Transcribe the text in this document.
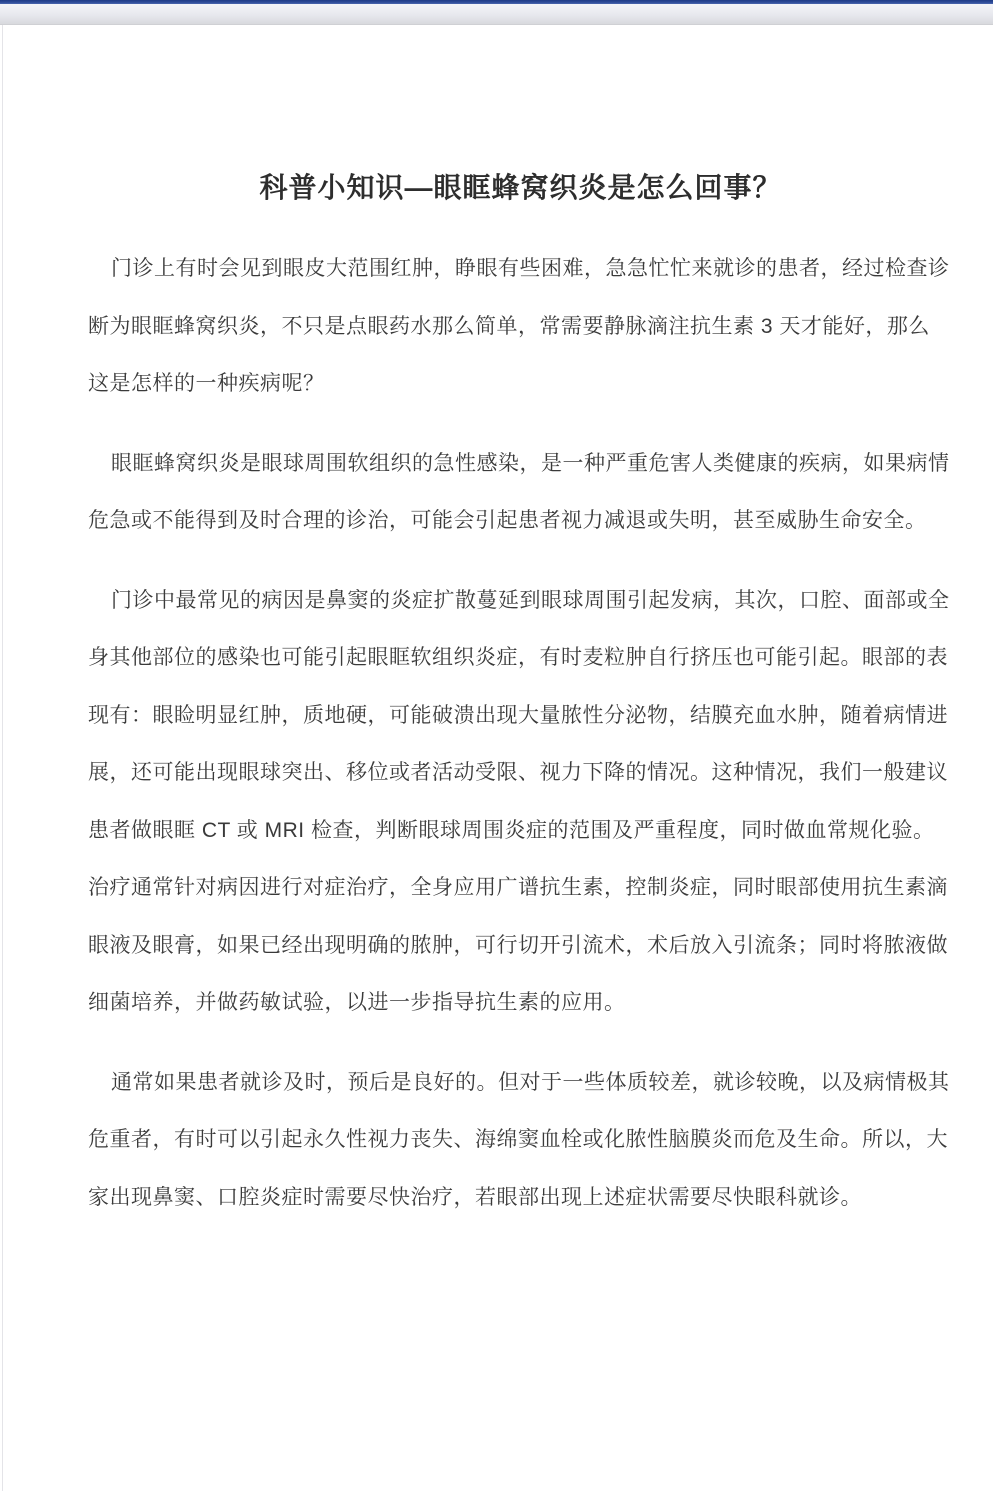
科普小知识—眼眶蜂窝织炎是怎么回事？
门诊上有时会见到眼皮大范围红肿，睁眼有些困难，急急忙忙来就诊的患者，经过检查诊
断为眼眶蜂窝织炎，不只是点眼药水那么简单，常需要静脉滴注抗生素 3 天才能好，那么
这是怎样的一种疾病呢？
眼眶蜂窝织炎是眼球周围软组织的急性感染，是一种严重危害人类健康的疾病，如果病情
危急或不能得到及时合理的诊治，可能会引起患者视力减退或失明，甚至威胁生命安全。
门诊中最常见的病因是鼻窦的炎症扩散蔓延到眼球周围引起发病，其次，口腔、面部或全
身其他部位的感染也可能引起眼眶软组织炎症，有时麦粒肿自行挤压也可能引起。眼部的表
现有：眼睑明显红肿，质地硬，可能破溃出现大量脓性分泌物，结膜充血水肿，随着病情进
展，还可能出现眼球突出、移位或者活动受限、视力下降的情况。这种情况，我们一般建议
患者做眼眶 CT 或 MRI 检查，判断眼球周围炎症的范围及严重程度，同时做血常规化验。
治疗通常针对病因进行对症治疗，全身应用广谱抗生素，控制炎症，同时眼部使用抗生素滴
眼液及眼膏，如果已经出现明确的脓肿，可行切开引流术，术后放入引流条；同时将脓液做
细菌培养，并做药敏试验，以进一步指导抗生素的应用。
通常如果患者就诊及时，预后是良好的。但对于一些体质较差，就诊较晚，以及病情极其
危重者，有时可以引起永久性视力丧失、海绵窦血栓或化脓性脑膜炎而危及生命。所以，大
家出现鼻窦、口腔炎症时需要尽快治疗，若眼部出现上述症状需要尽快眼科就诊。
